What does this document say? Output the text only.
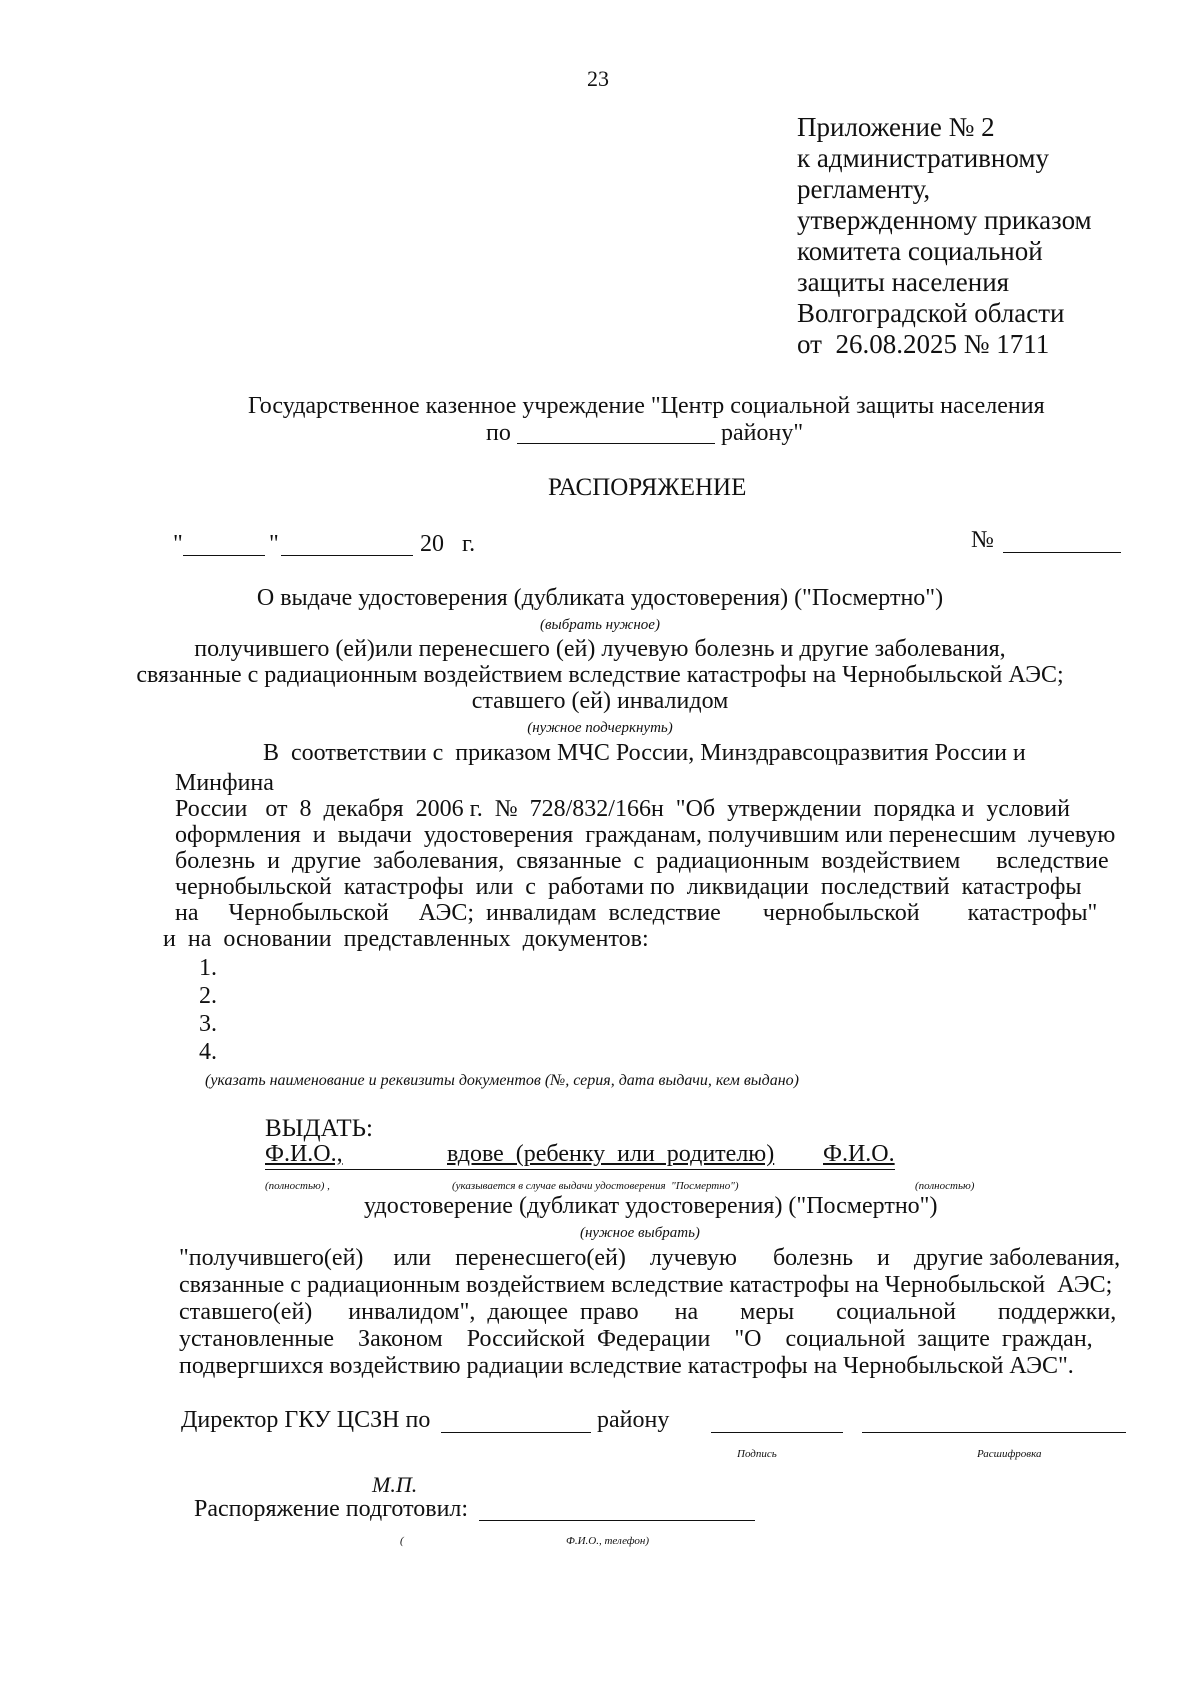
23
Приложение № 2
к административному
регламенту,
утвержденному приказом
комитета социальной
защиты населения
Волгоградской области
от  26.08.2025 № 1711
Государственное казенное учреждение "Центр социальной защиты населения
по	району"
РАСПОРЯЖЕНИЕ
"	"	20   г.	№
О выдаче удостоверения (дубликата удостоверения) ("Посмертно")
(выбрать нужное)
получившего (ей)или перенесшего (ей) лучевую болезнь и другие заболевания,
связанные с радиационным воздействием вследствие катастрофы на Чернобыльской АЭС;
ставшего (ей) инвалидом
(нужное подчеркнуть)
В  соответствии с  приказом МЧС России, Минздравсоцразвития России и
Минфина
России   от  8  декабря  2006 г.  №  728/832/166н  "Об  утверждении  порядка и  условий
оформления  и  выдачи  удостоверения  гражданам, получившим или перенесшим  лучевую
болезнь  и  другие  заболевания,  связанные  с  радиационным  воздействием      вследствие
чернобыльской  катастрофы  или  с  работами по  ликвидации  последствий  катастрофы
на     Чернобыльской     АЭС;  инвалидам  вследствие       чернобыльской        катастрофы"
и  на  основании  представленных  документов:
1.
2.
3.
4.
(указать наименование и реквизиты документов (№, серия, дата выдачи, кем выдано)
ВЫДАТЬ:
Ф.И.О.,	вдове  (ребенку  или  родителю) Ф.И.О.
(полностью) ,	(указывается в случае выдачи удостоверения  "Посмертно")	(полностью)
удостоверение (дубликат удостоверения) ("Посмертно")
(нужное выбрать)
"получившего(ей)     или    перенесшего(ей)    лучевую      болезнь    и    другие заболевания,
связанные с радиационным воздействием вследствие катастрофы на Чернобыльской  АЭС;
ставшего(ей)      инвалидом",  дающее  право      на       меры       социальной       поддержки,
установленные    Законом    Российской  Федерации    "О    социальной  защите  граждан,
подвергшихся воздействию радиации вследствие катастрофы на Чернобыльской АЭС".
Директор ГКУ ЦСЗН по	району
Подпись	Расшифровка
М.П.
Распоряжение подготовил:
(	Ф.И.О., телефон)
